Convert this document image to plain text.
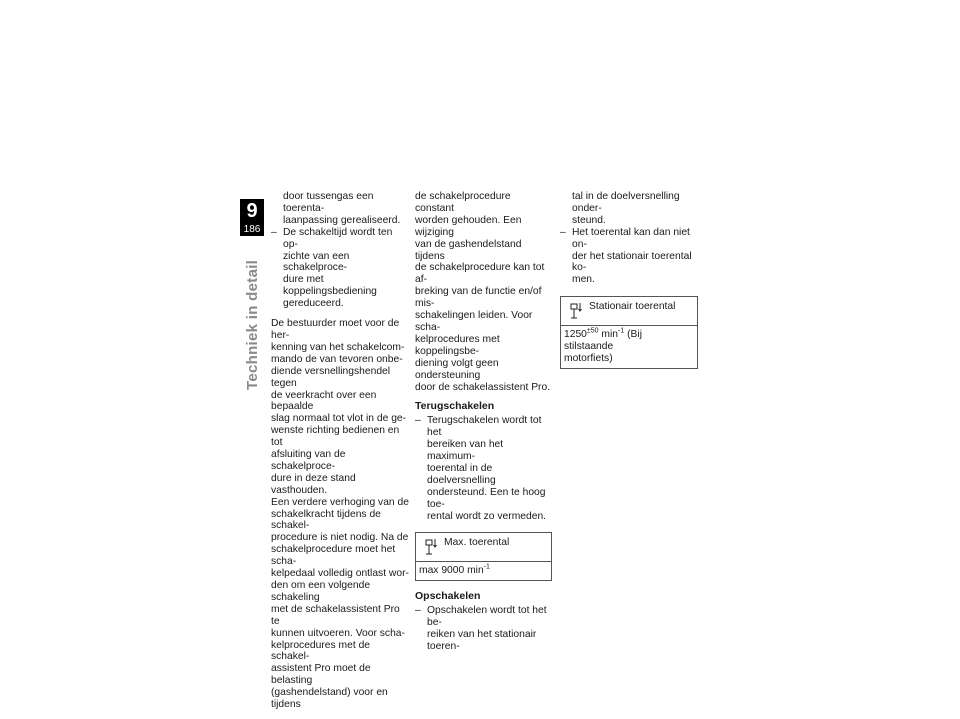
9
186
Techniek in detail

door tussengas een toerenta-
laanpassing gerealiseerd.

– De schakeltijd wordt ten op-
zichte van een schakelproce-
dure met koppelingsbediening
gereduceerd.

De bestuurder moet voor de her-
kenning van het schakelcom-
mando de van tevoren onbe-
diende versnellingshendel tegen
de veerkracht over een bepaalde
slag normaal tot vlot in de ge-
wenste richting bedienen en tot
afsluiting van de schakelproce-
dure in deze stand vasthouden.
Een verdere verhoging van de
schakelkracht tijdens de schakel-
procedure is niet nodig. Na de
schakelprocedure moet het scha-
kelpedaal volledig ontlast wor-
den om een volgende schakeling
met de schakelassistent Pro te
kunnen uitvoeren. Voor scha-
kelprocedures met de schakel-
assistent Pro moet de belasting
(gashendelstand) voor en tijdens

de schakelprocedure constant
worden gehouden. Een wijziging
van de gashendelstand tijdens
de schakelprocedure kan tot af-
breking van de functie en/of mis-
schakelingen leiden. Voor scha-
kelprocedures met koppelingsbe-
diening volgt geen ondersteuning
door de schakelassistent Pro.

Terugschakelen
– Terugschakelen wordt tot het
bereiken van het maximum-
toerental in de doelversnelling
ondersteund. Een te hoog toe-
rental wordt zo vermeden.
Max. toerental
max 9000 $\min^{-1}$
Opschakelen
– Opschakelen wordt tot het be-
reiken van het stationair toeren-

tal in de doelversnelling onder-
steund.

– Het toerental kan dan niet on-
der het stationair toerental ko-
men.
Stationair toerental
$1250^{\pm 50}$ $\min^{-1} (Bij$ stilstaande
motorfiets)
